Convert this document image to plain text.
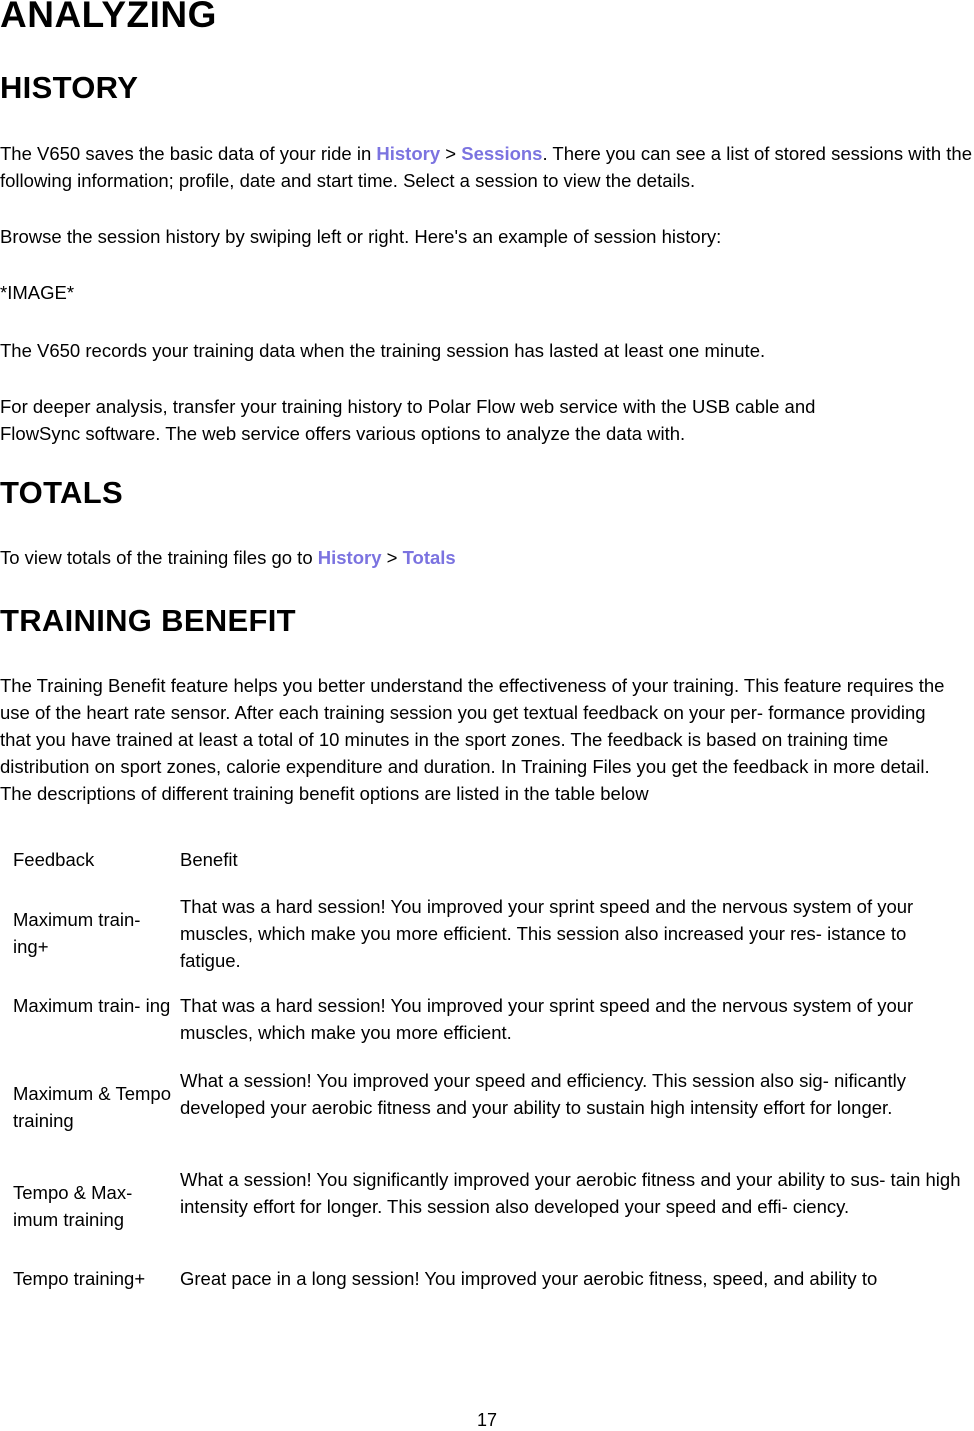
ANALYZING
HISTORY

The V650 saves the basic data of your ride in History > Sessions. There you can see a list of stored sessions with the following information; profile, date and start time. Select a session to view the details.

Browse the session history by swiping left or right. Here's an example of session history:

*IMAGE*

The V650 records your training data when the training session has lasted at least one minute.

For deeper analysis, transfer your training history to Polar Flow web service with the USB cable and FlowSync software. The web service offers various options to analyze the data with.

TOTALS

To view totals of the training files go to History > Totals

TRAINING BENEFIT

The Training Benefit feature helps you better understand the effectiveness of your training. This feature requires the use of the heart rate sensor. After each training session you get textual feedback on your per- formance providing that you have trained at least a total of 10 minutes in the sport zones. The feedback is based on training time distribution on sport zones, calorie expenditure and duration. In Training Files you get the feedback in more detail. The descriptions of different training benefit options are listed in the table below

Feedback	Benefit
Maximum train- ing+	That was a hard session! You improved your sprint speed and the nervous system of your muscles, which make you more efficient. This session also increased your res- istance to fatigue.
Maximum train- ing	That was a hard session! You improved your sprint speed and the nervous system of your muscles, which make you more efficient.
Maximum & Tempo training	What a session! You improved your speed and efficiency. This session also sig- nificantly developed your aerobic fitness and your ability to sustain high intensity effort for longer.
Tempo & Max- imum training	What a session! You significantly improved your aerobic fitness and your ability to sus- tain high intensity effort for longer. This session also developed your speed and effi- ciency.
Tempo training+	Great pace in a long session! You improved your aerobic fitness, speed, and ability to
17
